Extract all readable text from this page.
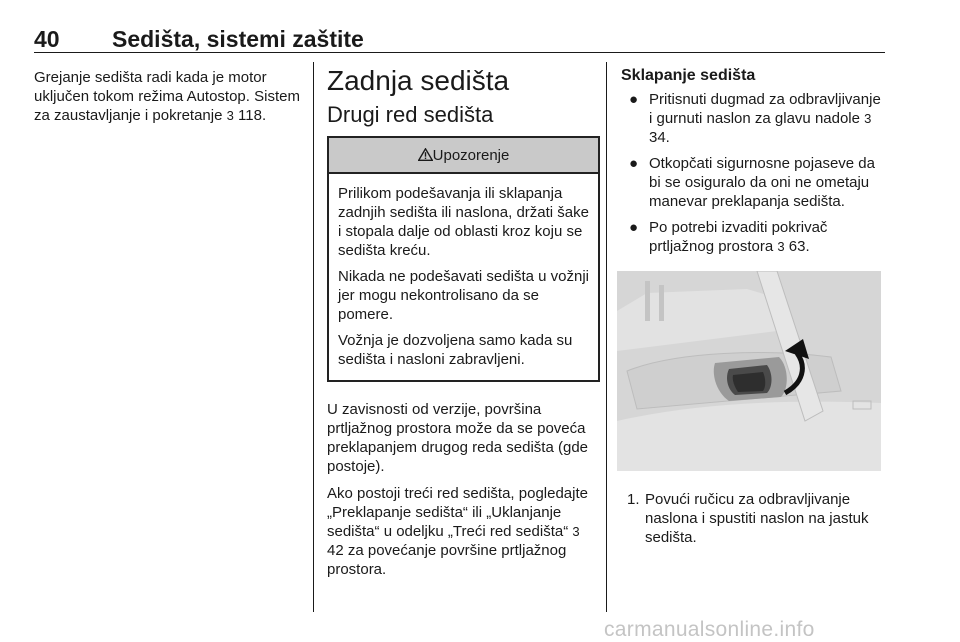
40 Sedišta, sistemi zaštite

Grejanje sedišta radi kada je motor uključen tokom režima Autostop. Sistem za zaustavljanje i pokretanje 3 118.

Zadnja sedišta
Drugi red sedišta
Upozorenje

Prilikom podešavanja ili sklapanja zadnjih sedišta ili naslona, držati šake i stopala dalje od oblasti kroz koju se sedišta kreću.

Nikada ne podešavati sedišta u vožnji jer mogu nekontrolisano da se pomere.

Vožnja je dozvoljena samo kada su sedišta i nasloni zabravljeni.

U zavisnosti od verzije, površina prtljažnog prostora može da se poveća preklapanjem drugog reda sedišta (gde postoje).

Ako postoji treći red sedišta, pogledajte „Preklapanje sedišta“ ili „Uklanjanje sedišta“ u odeljku „Treći red sedišta“ 3 42 za povećanje površine prtljažnog prostora.

Sklapanje sedišta
● Pritisnuti dugmad za odbravljivanje i gurnuti naslon za glavu nadole 3 34.
● Otkopčati sigurnosne pojaseve da bi se osiguralo da oni ne ometaju manevar preklapanja sedišta.
● Po potrebi izvaditi pokrivač prtljažnog prostora 3 63.
1. Povući ručicu za odbravljivanje naslona i spustiti naslon na jastuk sedišta.
carmanualsonline.info
